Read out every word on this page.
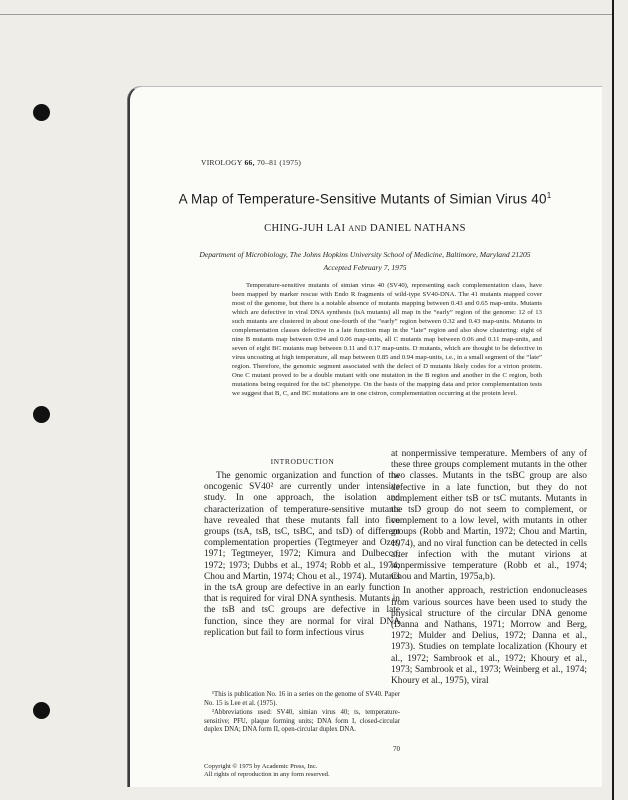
VIROLOGY 66, 70–81 (1975)
A Map of Temperature-Sensitive Mutants of Simian Virus $40^1$
CHING-JUH LAI AND DANIEL NATHANS
Department of Microbiology, The Johns Hopkins University School of Medicine, Baltimore, Maryland 21205
Accepted February 7, 1975

Temperature-sensitive mutants of simian virus 40 (SV40), representing each complementation class, have been mapped by marker rescue with Endo R fragments of wild-type SV40-DNA. The 41 mutants mapped cover most of the genome, but there is a notable absence of mutants mapping between 0.43 and 0.65 map-units. Mutants which are defective in viral DNA synthesis (tsA mutants) all map in the “early” region of the genome: 12 of 13 such mutants are clustered in about one-fourth of the “early” region between 0.32 and 0.43 map-units. Mutants in complementation classes defective in a late function map in the “late” region and also show clustering: eight of nine B mutants map between 0.94 and 0.06 map-units, all C mutants map between 0.06 and 0.11 map-units, and seven of eight BC mutants map between 0.11 and 0.17 map-units. D mutants, which are thought to be defective in virus uncoating at high temperature, all map between 0.85 and 0.94 map-units, i.e., in a small segment of the “late” region. Therefore, the genomic segment associated with the defect of D mutants likely codes for a virion protein. One C mutant proved to be a double mutant with one mutation in the B region and another in the C region, both mutations being required for the tsC phenotype. On the basis of the mapping data and prior complementation tests we suggest that B, C, and BC mutations are in one cistron, complementation occurring at the protein level.

INTRODUCTION

The genomic organization and function of the oncogenic SV40² are currently under intensive study. In one approach, the isolation and characterization of temperature-sensitive mutants have revealed that these mutants fall into five groups (tsA, tsB, tsC, tsBC, and tsD) of different complementation properties (Tegtmeyer and Ozer, 1971; Tegtmeyer, 1972; Kimura and Dulbecco, 1972; 1973; Dubbs et al., 1974; Robb et al., 1974; Chou and Martin, 1974; Chou et al., 1974). Mutants in the tsA group are defective in an early function that is required for viral DNA synthesis. Mutants in the tsB and tsC groups are defective in late function, since they are normal for viral DNA replication but fail to form infectious virus

at nonpermissive temperature. Members of any of these three groups complement mutants in the other two classes. Mutants in the tsBC group are also defective in a late function, but they do not complement either tsB or tsC mutants. Mutants in the tsD group do not seem to complement, or complement to a low level, with mutants in other groups (Robb and Martin, 1972; Chou and Martin, 1974), and no viral function can be detected in cells after infection with the mutant virions at nonpermissive temperature (Robb et al., 1974; Chou and Martin, 1975a,b).

In another approach, restriction endonucleases from various sources have been used to study the physical structure of the circular DNA genome (Danna and Nathans, 1971; Morrow and Berg, 1972; Mulder and Delius, 1972; Danna et al., 1973). Studies on template localization (Khoury et al., 1972; Sambrook et al., 1972; Khoury et al., 1973; Sambrook et al., 1973; Weinberg et al., 1974; Khoury et al., 1975), viral

¹This is publication No. 16 in a series on the genome of SV40. Paper No. 15 is Lee et al. (1975).

²Abbreviations used: SV40, simian virus 40; ts, temperature-sensitive; PFU, plaque forming units; DNA form I, closed-circular duplex DNA; DNA form II, open-circular duplex DNA.

70
Copyright © 1975 by Academic Press, Inc.
All rights of reproduction in any form reserved.
